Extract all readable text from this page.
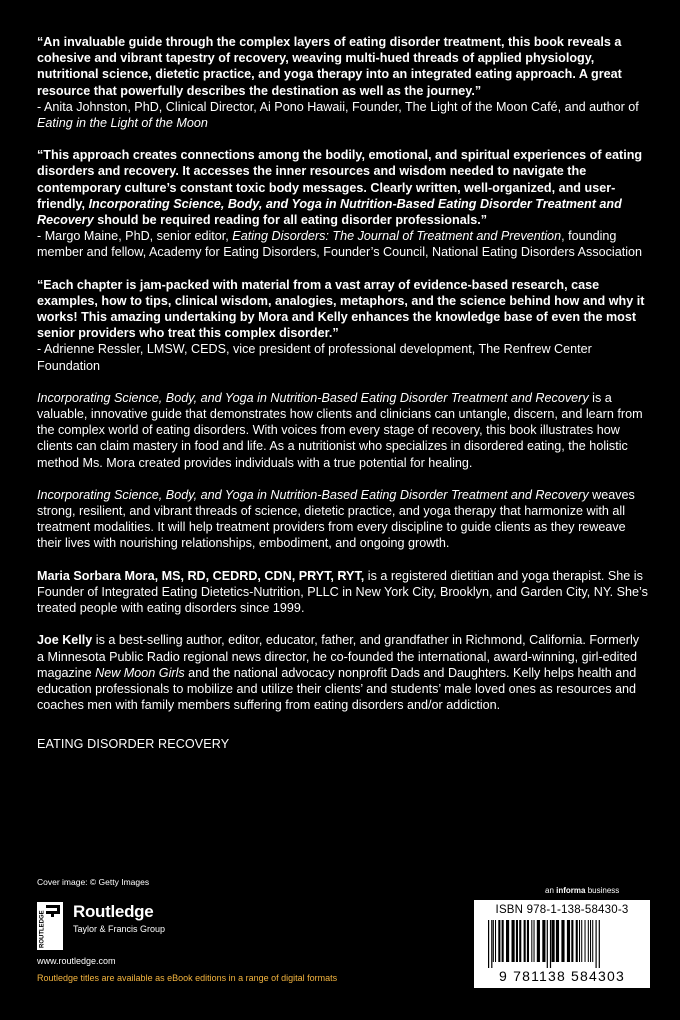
“An invaluable guide through the complex layers of eating disorder treatment, this book reveals a cohesive and vibrant tapestry of recovery, weaving multi-hued threads of applied physiology, nutritional science, dietetic practice, and yoga therapy into an integrated eating approach. A great resource that powerfully describes the destination as well as the journey.”
- Anita Johnston, PhD, Clinical Director, Ai Pono Hawaii, Founder, The Light of the Moon Café, and author of Eating in the Light of the Moon

“This approach creates connections among the bodily, emotional, and spiritual experiences of eating disorders and recovery. It accesses the inner resources and wisdom needed to navigate the contemporary culture’s constant toxic body messages. Clearly written, well-organized, and user-friendly, Incorporating Science, Body, and Yoga in Nutrition-Based Eating Disorder Treatment and Recovery should be required reading for all eating disorder professionals.”
- Margo Maine, PhD, senior editor, Eating Disorders: The Journal of Treatment and Prevention, founding member and fellow, Academy for Eating Disorders, Founder’s Council, National Eating Disorders Association

“Each chapter is jam-packed with material from a vast array of evidence-based research, case examples, how to tips, clinical wisdom, analogies, metaphors, and the science behind how and why it works! This amazing undertaking by Mora and Kelly enhances the knowledge base of even the most senior providers who treat this complex disorder.”
- Adrienne Ressler, LMSW, CEDS, vice president of professional development, The Renfrew Center Foundation

Incorporating Science, Body, and Yoga in Nutrition-Based Eating Disorder Treatment and Recovery is a valuable, innovative guide that demonstrates how clients and clinicians can untangle, discern, and learn from the complex world of eating disorders. With voices from every stage of recovery, this book illustrates how clients can claim mastery in food and life. As a nutritionist who specializes in disordered eating, the holistic method Ms. Mora created provides individuals with a true potential for healing.

Incorporating Science, Body, and Yoga in Nutrition-Based Eating Disorder Treatment and Recovery weaves strong, resilient, and vibrant threads of science, dietetic practice, and yoga therapy that harmonize with all treatment modalities. It will help treatment providers from every discipline to guide clients as they reweave their lives with nourishing relationships, embodiment, and ongoing growth.

Maria Sorbara Mora, MS, RD, CEDRD, CDN, PRYT, RYT, is a registered dietitian and yoga therapist. She is Founder of Integrated Eating Dietetics-Nutrition, PLLC in New York City, Brooklyn, and Garden City, NY. She’s treated people with eating disorders since 1999.

Joe Kelly is a best-selling author, editor, educator, father, and grandfather in Richmond, California. Formerly a Minnesota Public Radio regional news director, he co-founded the international, award-winning, girl-edited magazine New Moon Girls and the national advocacy nonprofit Dads and Daughters. Kelly helps health and education professionals to mobilize and utilize their clients’ and students’ male loved ones as resources and coaches men with family members suffering from eating disorders and/or addiction.

EATING DISORDER RECOVERY
Cover image: © Getty Images
ROUTLEDGE Routledge
Taylor & Francis Group
www.routledge.com
an informa business
ISBN 978-1-138-58430-3
9 781138 584303
Routledge titles are available as eBook editions in a range of digital formats
